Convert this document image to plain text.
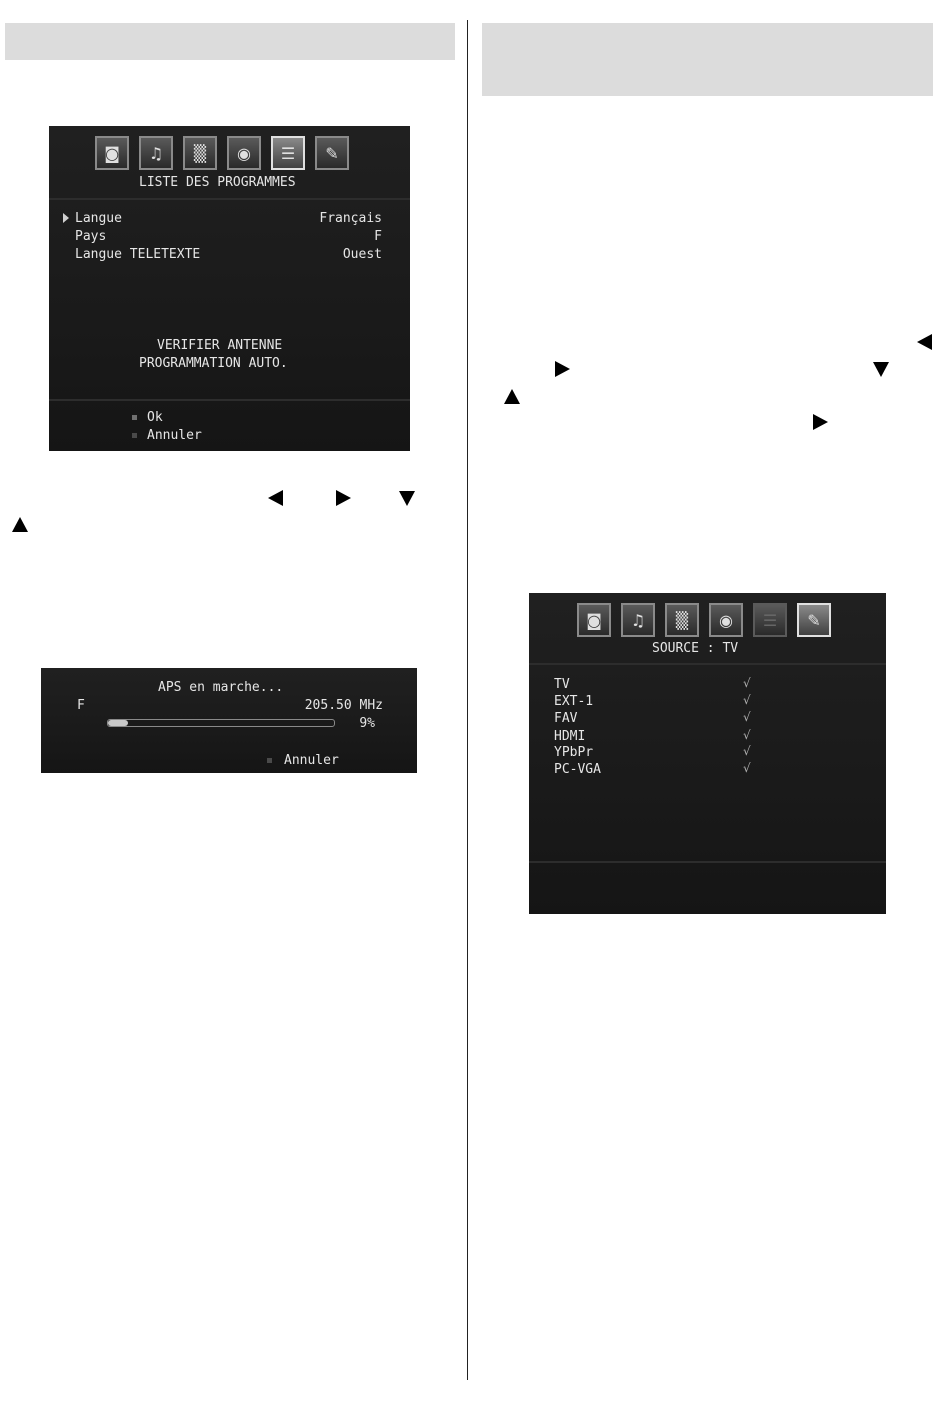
◙	♫	▒	◉	☰	✎
LISTE DES PROGRAMMES
Langue	Français
Pays	F
Langue TELETEXTE	Ouest
VERIFIER ANTENNE
PROGRAMMATION AUTO.
Ok
Annuler
APS en marche...
F	205.50 MHz
9%
Annuler
◙	♫	▒	◉	☰	✎
SOURCE : TV
TV	√
EXT-1	√
FAV	√
HDMI	√
YPbPr	√
PC-VGA	√
